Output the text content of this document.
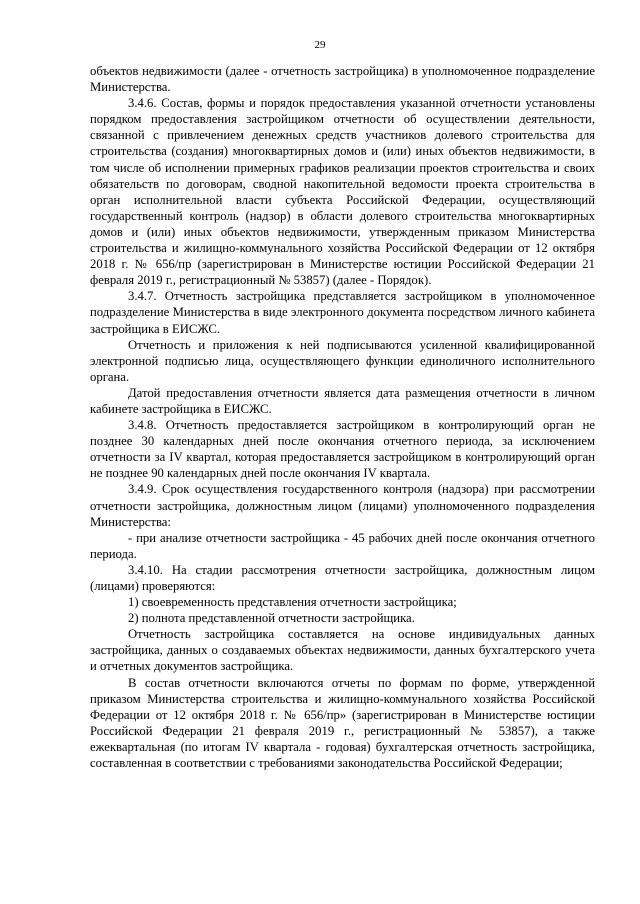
29

объектов недвижимости (далее - отчетность застройщика) в уполномоченное подразделение Министерства.

3.4.6. Состав, формы и порядок предоставления указанной отчетности установлены порядком предоставления застройщиком отчетности об осуществлении деятельности, связанной с привлечением денежных средств участников долевого строительства для строительства (создания) многоквартирных домов и (или) иных объектов недвижимости, в том числе об исполнении примерных графиков реализации проектов строительства и своих обязательств по договорам, сводной накопительной ведомости проекта строительства в орган исполнительной власти субъекта Российской Федерации, осуществляющий государственный контроль (надзор) в области долевого строительства многоквартирных домов и (или) иных объектов недвижимости, утвержденным приказом Министерства строительства и жилищно-коммунального хозяйства Российской Федерации от 12 октября 2018 г. № 656/пр (зарегистрирован в Министерстве юстиции Российской Федерации 21 февраля 2019 г., регистрационный № 53857) (далее - Порядок).

3.4.7. Отчетность застройщика представляется застройщиком в уполномоченное подразделение Министерства в виде электронного документа посредством личного кабинета застройщика в ЕИСЖС.

Отчетность и приложения к ней подписываются усиленной квалифицированной электронной подписью лица, осуществляющего функции единоличного исполнительного органа.

Датой предоставления отчетности является дата размещения отчетности в личном кабинете застройщика в ЕИСЖС.

3.4.8. Отчетность предоставляется застройщиком в контролирующий орган не позднее 30 календарных дней после окончания отчетного периода, за исключением отчетности за IV квартал, которая предоставляется застройщиком в контролирующий орган не позднее 90 календарных дней после окончания IV квартала.

3.4.9. Срок осуществления государственного контроля (надзора) при рассмотрении отчетности застройщика, должностным лицом (лицами) уполномоченного подразделения Министерства:

- при анализе отчетности застройщика - 45 рабочих дней после окончания отчетного периода.

3.4.10. На стадии рассмотрения отчетности застройщика, должностным лицом (лицами) проверяются:

1) своевременность представления отчетности застройщика;

2) полнота представленной отчетности застройщика.

Отчетность застройщика составляется на основе индивидуальных данных застройщика, данных о создаваемых объектах недвижимости, данных бухгалтерского учета и отчетных документов застройщика.

В состав отчетности включаются отчеты по формам по форме, утвержденной приказом Министерства строительства и жилищно-коммунального хозяйства Российской Федерации от 12 октября 2018 г. № 656/пр» (зарегистрирован в Министерстве юстиции Российской Федерации 21 февраля 2019 г., регистрационный № 53857), а также ежеквартальная (по итогам IV квартала - годовая) бухгалтерская отчетность застройщика, составленная в соответствии с требованиями законодательства Российской Федерации;
